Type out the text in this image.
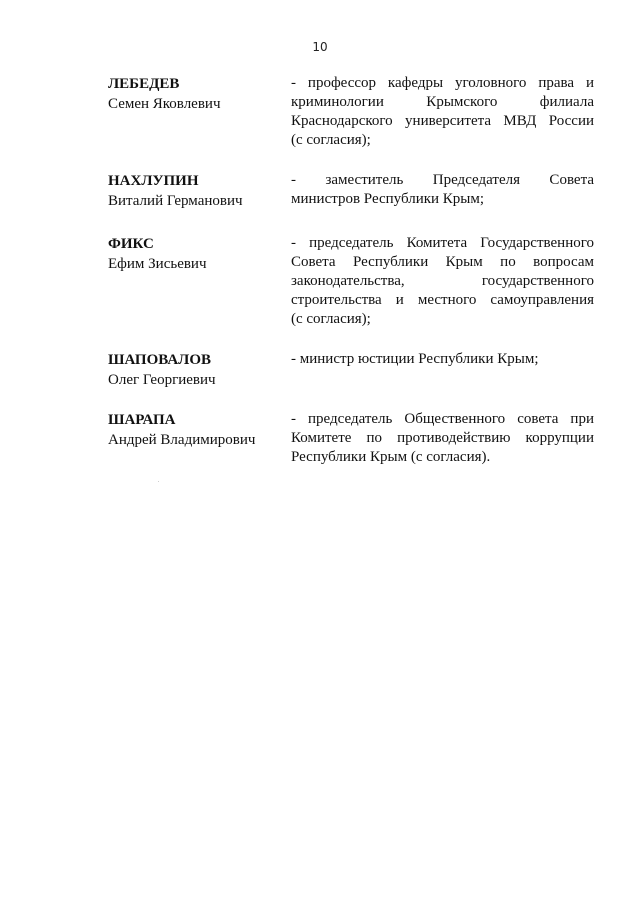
10
ЛЕБЕДЕВ
Семен Яковлевич
- профессор кафедры уголовного права и
криминологии Крымского филиала
Краснодарского университета МВД России
(с согласия);
НАХЛУПИН
Виталий Германович
- заместитель Председателя Совета
министров Республики Крым;
ФИКС
Ефим Зисьевич
- председатель Комитета Государственного
Совета Республики Крым по вопросам
законодательства, государственного
строительства и местного самоуправления
(с согласия);
ШАПОВАЛОВ
Олег Георгиевич
- министр юстиции Республики Крым;
ШАРАПА
Андрей Владимирович
- председатель Общественного совета при
Комитете по противодействию коррупции
Республики Крым (с согласия).
